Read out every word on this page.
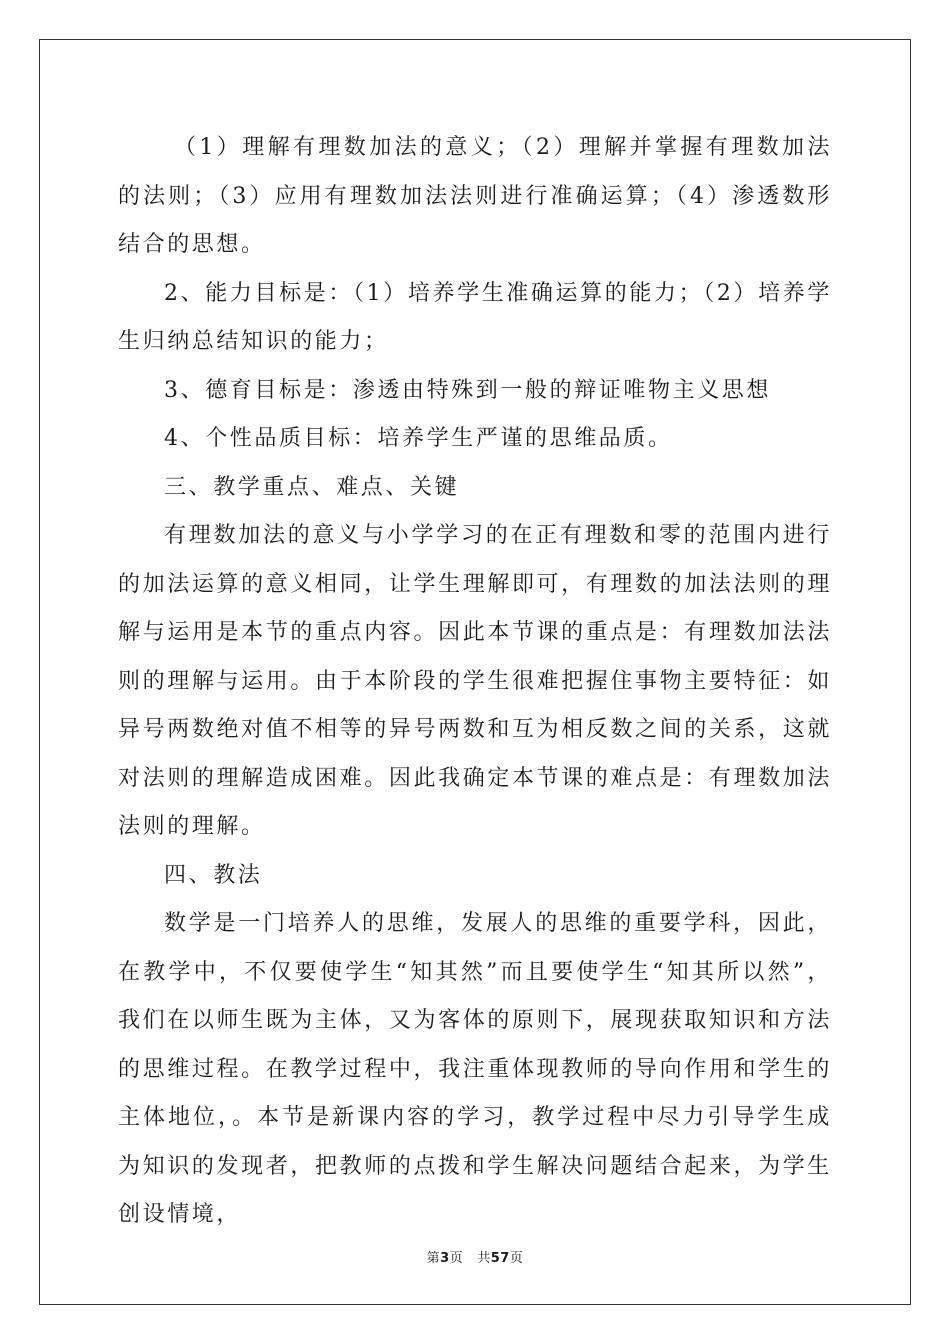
（1）理解有理数加法的意义；（2）理解并掌握有理数加法的法则；（3）应用有理数加法法则进行准确运算；（4）渗透数形结合的思想。

2、能力目标是：（1）培养学生准确运算的能力；（2）培养学生归纳总结知识的能力；

3、德育目标是：渗透由特殊到一般的辩证唯物主义思想

4、个性品质目标：培养学生严谨的思维品质。

三、教学重点、难点、关键

有理数加法的意义与小学学习的在正有理数和零的范围内进行的加法运算的意义相同，让学生理解即可，有理数的加法法则的理解与运用是本节的重点内容。因此本节课的重点是：有理数加法法则的理解与运用。由于本阶段的学生很难把握住事物主要特征：如异号两数绝对值不相等的异号两数和互为相反数之间的关系，这就对法则的理解造成困难。因此我确定本节课的难点是：有理数加法法则的理解。

四、教法

数学是一门培养人的思维，发展人的思维的重要学科，因此，在教学中，不仅要使学生“知其然”而且要使学生“知其所以然”，我们在以师生既为主体，又为客体的原则下，展现获取知识和方法的思维过程。在教学过程中，我注重体现教师的导向作用和学生的主体地位，。本节是新课内容的学习，教学过程中尽力引导学生成为知识的发现者，把教师的点拨和学生解决问题结合起来，为学生创设情境，

第3页 共57页
